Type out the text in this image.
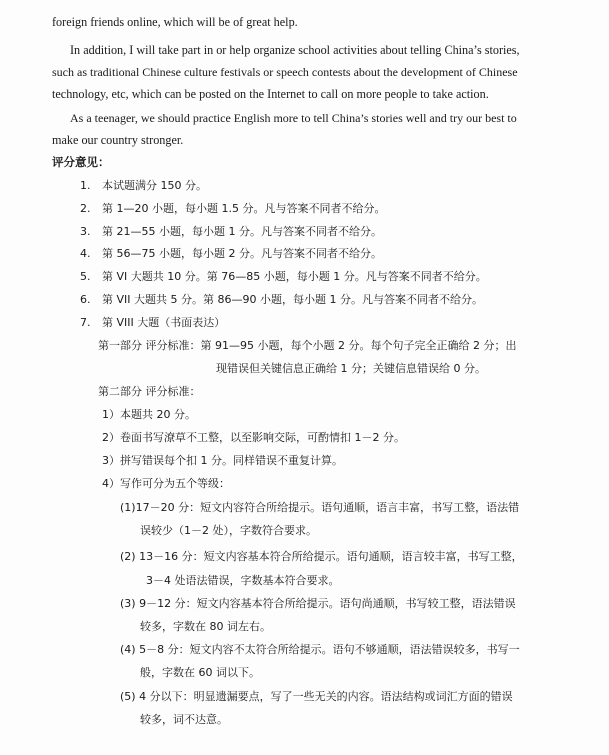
foreign friends online, which will be of great help.
In addition, I will take part in or help organize school activities about telling China’s stories,
such as traditional Chinese culture festivals or speech contests about the development of Chinese
technology, etc, which can be posted on the Internet to call on more people to take action.
As a teenager, we should practice English more to tell China’s stories well and try our best to
make our country stronger.
评分意见：
1. 本试题满分 150 分。
2. 第 1—20 小题，每小题 1.5 分。凡与答案不同者不给分。
3. 第 21—55 小题，每小题 1 分。凡与答案不同者不给分。
4. 第 56—75 小题，每小题 2 分。凡与答案不同者不给分。
5. 第 VI 大题共 10 分。第 76—85 小题，每小题 1 分。凡与答案不同者不给分。
6. 第 VII 大题共 5 分。第 86—90 小题，每小题 1 分。凡与答案不同者不给分。
7. 第 VIII 大题（书面表达）
第一部分 评分标准：第 91—95 小题，每个小题 2 分。每个句子完全正确给 2 分；出
现错误但关键信息正确给 1 分；关键信息错误给 0 分。
第二部分 评分标准：
1）本题共 20 分。
2）卷面书写潦草不工整，以至影响交际，可酌情扣 1－2 分。
3）拼写错误每个扣 1 分。同样错误不重复计算。
4）写作可分为五个等级：
(1)17－20 分：短文内容符合所给提示。语句通顺，语言丰富，书写工整，语法错
误较少（1－2 处），字数符合要求。
(2) 13－16 分：短文内容基本符合所给提示。语句通顺，语言较丰富，书写工整，
3－4 处语法错误，字数基本符合要求。
(3) 9－12 分：短文内容基本符合所给提示。语句尚通顺，书写较工整，语法错误
较多，字数在 80 词左右。
(4) 5－8 分：短文内容不太符合所给提示。语句不够通顺，语法错误较多，书写一
般，字数在 60 词以下。
(5) 4 分以下：明显遗漏要点，写了一些无关的内容。语法结构或词汇方面的错误
较多，词不达意。
